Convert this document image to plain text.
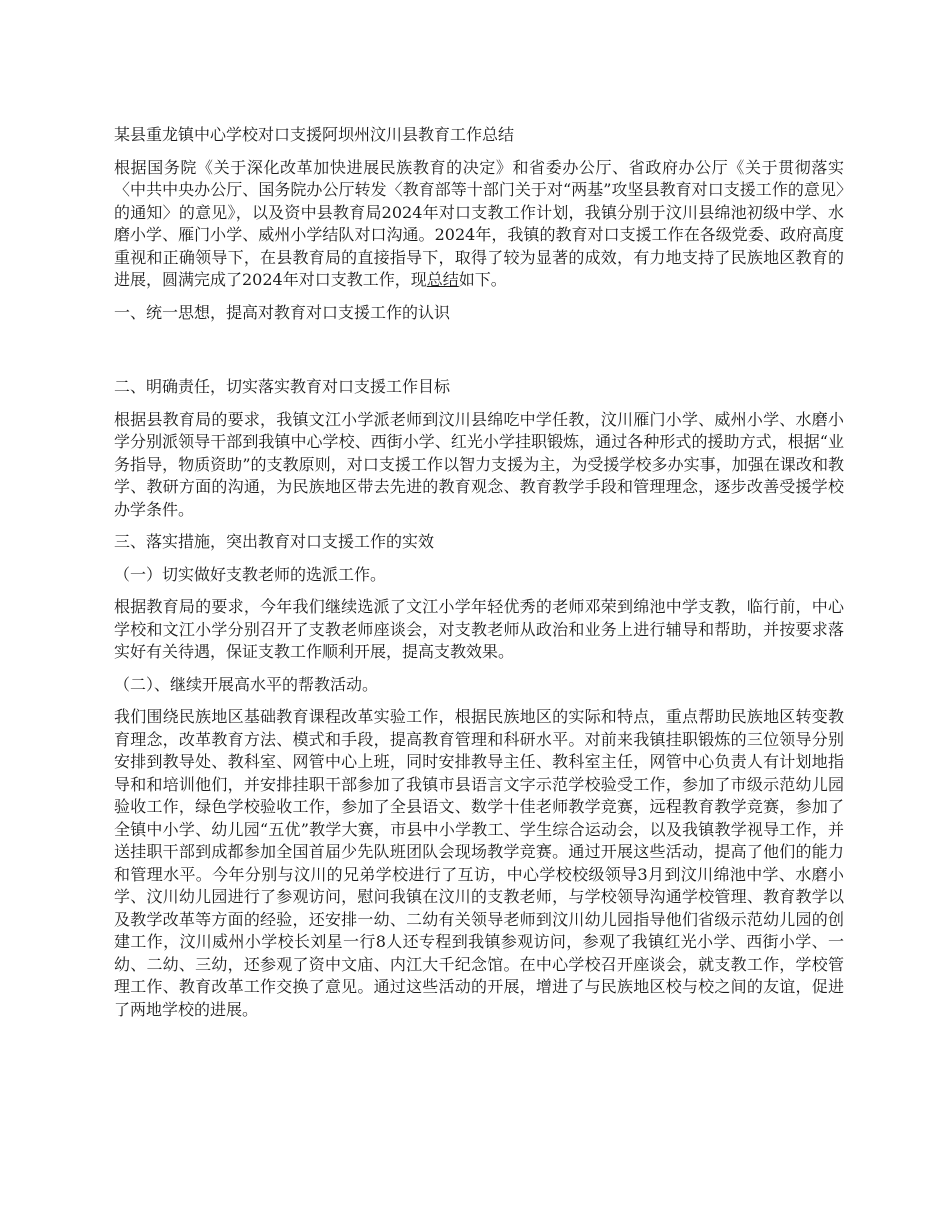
某县重龙镇中心学校对口支援阿坝州汶川县教育工作总结

根据国务院《关于深化改革加快进展民族教育的决定》和省委办公厅、省政府办公厅《关于贯彻落实〈中共中央办公厅、国务院办公厅转发〈教育部等十部门关于对“两基”攻坚县教育对口支援工作的意见〉的通知〉的意见》，以及资中县教育局2024年对口支教工作计划，我镇分别于汶川县绵池初级中学、水磨小学、雁门小学、威州小学结队对口沟通。2024年，我镇的教育对口支援工作在各级党委、政府高度重视和正确领导下，在县教育局的直接指导下，取得了较为显著的成效，有力地支持了民族地区教育的进展，圆满完成了2024年对口支教工作，现总结如下。

一、统一思想，提高对教育对口支援工作的认识

二、明确责任，切实落实教育对口支援工作目标

根据县教育局的要求，我镇文江小学派老师到汶川县绵吃中学任教，汶川雁门小学、威州小学、水磨小学分别派领导干部到我镇中心学校、西街小学、红光小学挂职锻炼，通过各种形式的援助方式，根据“业务指导，物质资助”的支教原则，对口支援工作以智力支援为主，为受援学校多办实事，加强在课改和教学、教研方面的沟通，为民族地区带去先进的教育观念、教育教学手段和管理理念，逐步改善受援学校办学条件。

三、落实措施，突出教育对口支援工作的实效

（一）切实做好支教老师的选派工作。

根据教育局的要求，今年我们继续选派了文江小学年轻优秀的老师邓荣到绵池中学支教，临行前，中心学校和文江小学分别召开了支教老师座谈会，对支教老师从政治和业务上进行辅导和帮助，并按要求落实好有关待遇，保证支教工作顺利开展，提高支教效果。

（二）、继续开展高水平的帮教活动。

我们围绕民族地区基础教育课程改革实验工作，根据民族地区的实际和特点，重点帮助民族地区转变教育理念，改革教育方法、模式和手段，提高教育管理和科研水平。对前来我镇挂职锻炼的三位领导分别安排到教导处、教科室、网管中心上班，同时安排教导主任、教科室主任，网管中心负责人有计划地指导和和培训他们，并安排挂职干部参加了我镇市县语言文字示范学校验受工作，参加了市级示范幼儿园验收工作，绿色学校验收工作，参加了全县语文、数学十佳老师教学竞赛，远程教育教学竞赛，参加了全镇中小学、幼儿园“五优”教学大赛，市县中小学教工、学生综合运动会，以及我镇教学视导工作，并送挂职干部到成都参加全国首届少先队班团队会现场教学竞赛。通过开展这些活动，提高了他们的能力和管理水平。今年分别与汶川的兄弟学校进行了互访，中心学校校级领导3月到汶川绵池中学、水磨小学、汶川幼儿园进行了参观访问，慰问我镇在汶川的支教老师，与学校领导沟通学校管理、教育教学以及教学改革等方面的经验，还安排一幼、二幼有关领导老师到汶川幼儿园指导他们省级示范幼儿园的创建工作，汶川威州小学校长刘星一行8人还专程到我镇参观访问，参观了我镇红光小学、西街小学、一幼、二幼、三幼，还参观了资中文庙、内江大千纪念馆。在中心学校召开座谈会，就支教工作，学校管理工作、教育改革工作交换了意见。通过这些活动的开展，增进了与民族地区校与校之间的友谊，促进了两地学校的进展。
